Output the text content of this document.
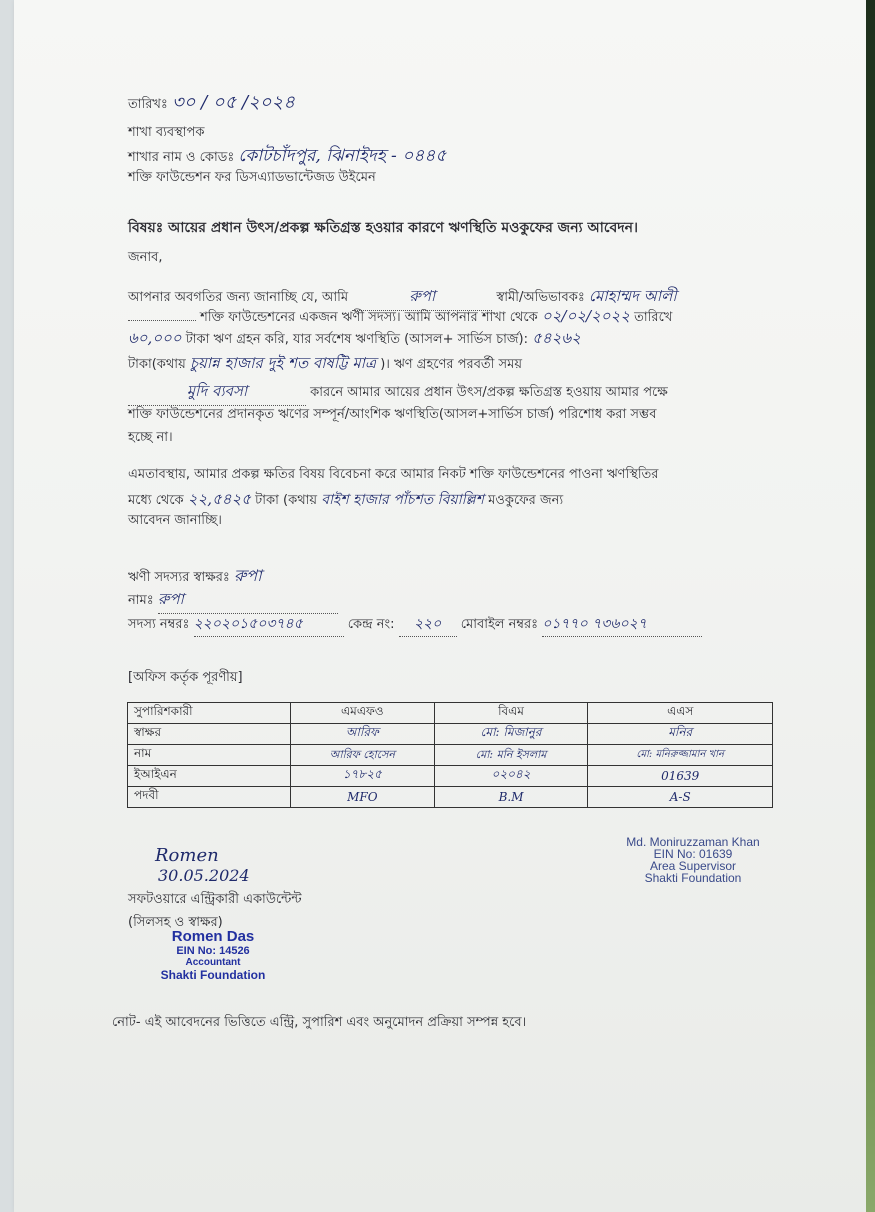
তারিখঃ ৩০ / ০৫ /২০২৪
শাখা ব্যবস্থাপক
শাখার নাম ও কোডঃ কোটচাঁদপুর, ঝিনাইদহ - ০৪৪৫
শক্তি ফাউন্ডেশন ফর ডিসএ্যাডভান্টেজড উইমেন
বিষয়ঃ আয়ের প্রধান উৎস/প্রকল্প ক্ষতিগ্রস্ত হওয়ার কারণে ঋণস্থিতি মওকুফের জন্য আবেদন।
জনাব,
আপনার অবগতির জন্য জানাচ্ছি যে, আমি	রুপা	স্বামী/অভিভাবকঃ মোহাম্মদ আলী
শক্তি ফাউন্ডেশনের একজন ঋণী সদস্য। আমি আপনার শাখা থেকে ০২/০২/২০২২ তারিখে
৬০,০০০ টাকা ঋণ গ্রহন করি, যার সর্বশেষ ঋণস্থিতি (আসল+ সার্ভিস চার্জ): ৫৪২৬২
টাকা(কথায় চুয়ান্ন হাজার দুই শত বাষট্টি মাত্র )। ঋণ গ্রহণের পরবর্তী সময়
মুদি ব্যবসা	কারনে আমার আয়ের প্রধান উৎস/প্রকল্প ক্ষতিগ্রস্ত হওয়ায় আমার পক্ষে
শক্তি ফাউন্ডেশনের প্রদানকৃত ঋণের সম্পূর্ন/আংশিক ঋণস্থিতি(আসল+সার্ভিস চার্জ) পরিশোধ করা সম্ভব
হচ্ছে না।
এমতাবস্থায়, আমার প্রকল্প ক্ষতির বিষয় বিবেচনা করে আমার নিকট শক্তি ফাউন্ডেশনের পাওনা ঋণস্থিতির
মধ্যে থেকে ২২,৫৪২৫ টাকা (কথায় বাইশ হাজার পাঁচশত বিয়াল্লিশ মওকুফের জন্য
আবেদন জানাচ্ছি।
ঋণী সদস্যর স্বাক্ষরঃ রুপা
নামঃ রুপা
সদস্য নম্বরঃ ২২০২০১৫০৩৭৪৫	কেন্দ্র নং: ২২০ মোবাইল নম্বরঃ ০১৭৭০ ৭৩৬০২৭
[অফিস কর্তৃক পূরণীয়]
সুপারিশকারী	এমএফও	বিএম	এএস
স্বাক্ষর	আরিফ	মো: মিজানুর	মনির
নাম	আরিফ হোসেন	মো: মনি ইসলাম	মো: মনিরুজ্জামান খান
ইআইএন	১৭৮২৫	০২০৪২	01639
পদবী	MFO	B.M	A-S
Md. Moniruzzaman Khan
EIN No: 01639
Area Supervisor
Shakti Foundation
Romen
30.05.2024
সফটওয়ারে এন্ট্রিকারী একাউন্টেন্ট
(সিলসহ ও স্বাক্ষর)
Romen Das
EIN No: 14526
Accountant
Shakti Foundation
নোট- এই আবেদনের ভিত্তিতে এন্ট্রি, সুপারিশ এবং অনুমোদন প্রক্রিয়া সম্পন্ন হবে।
